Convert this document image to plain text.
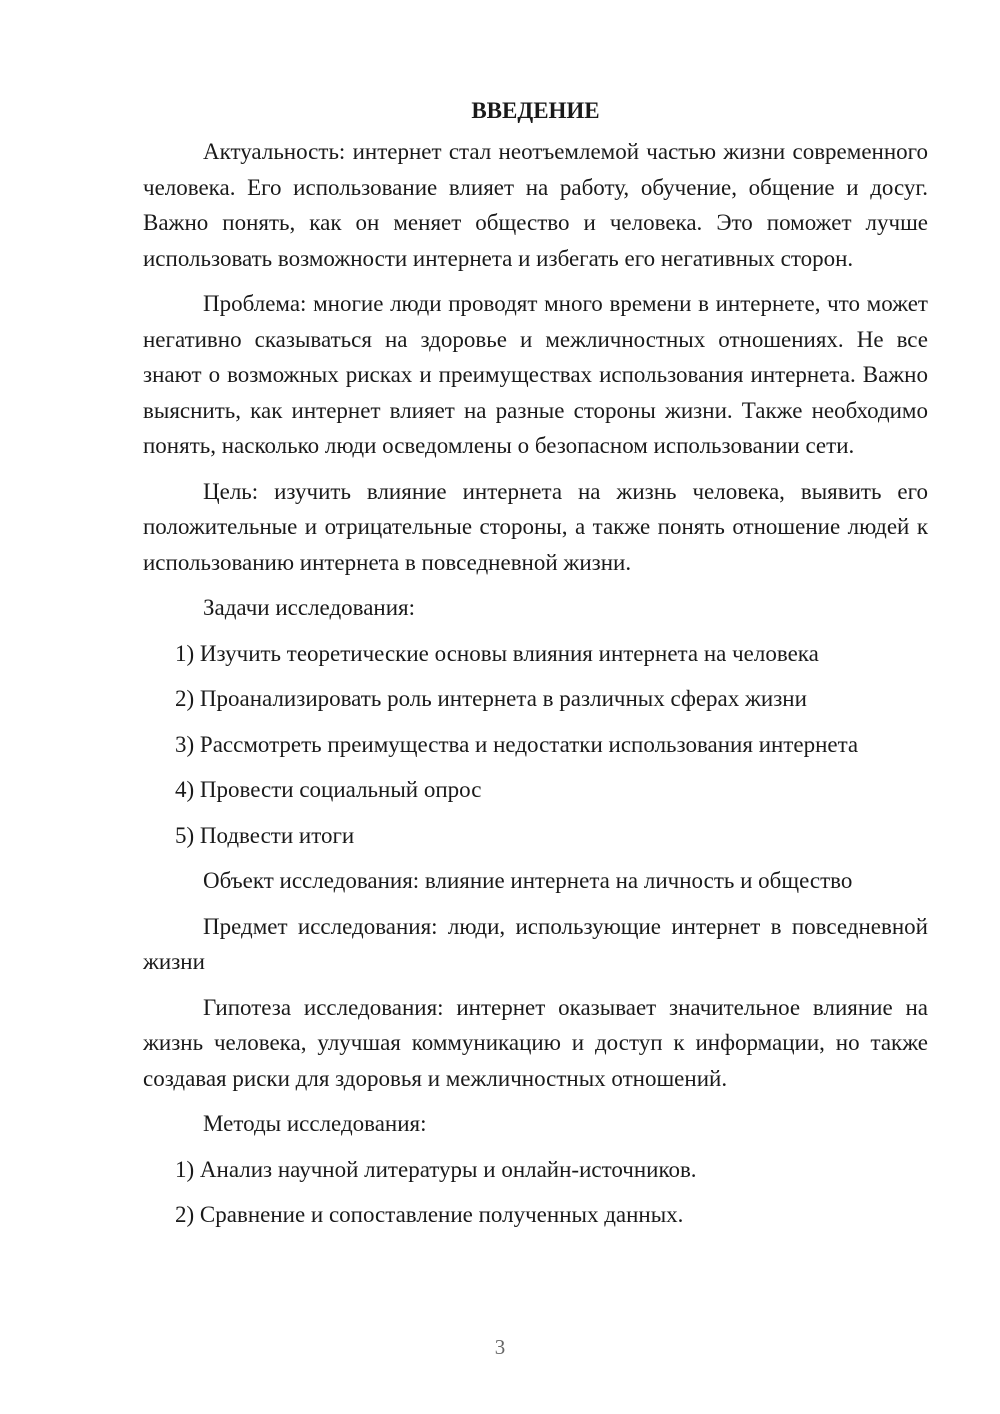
ВВЕДЕНИЕ

Актуальность: интернет стал неотъемлемой частью жизни современного человека. Его использование влияет на работу, обучение, общение и досуг. Важно понять, как он меняет общество и человека. Это поможет лучше использовать возможности интернета и избегать его негативных сторон.

Проблема: многие люди проводят много времени в интернете, что может негативно сказываться на здоровье и межличностных отношениях. Не все знают о возможных рисках и преимуществах использования интернета. Важно выяснить, как интернет влияет на разные стороны жизни. Также необходимо понять, насколько люди осведомлены о безопасном использовании сети.

Цель: изучить влияние интернета на жизнь человека, выявить его положительные и отрицательные стороны, а также понять отношение людей к использованию интернета в повседневной жизни.

Задачи исследования:

1) Изучить теоретические основы влияния интернета на человека
2) Проанализировать роль интернета в различных сферах жизни
3) Рассмотреть преимущества и недостатки использования интернета
4) Провести социальный опрос
5) Подвести итоги

Объект исследования: влияние интернета на личность и общество

Предмет исследования: люди, использующие интернет в повседневной жизни

Гипотеза исследования: интернет оказывает значительное влияние на жизнь человека, улучшая коммуникацию и доступ к информации, но также создавая риски для здоровья и межличностных отношений.

Методы исследования:

1) Анализ научной литературы и онлайн-источников.
2) Сравнение и сопоставление полученных данных.
3
